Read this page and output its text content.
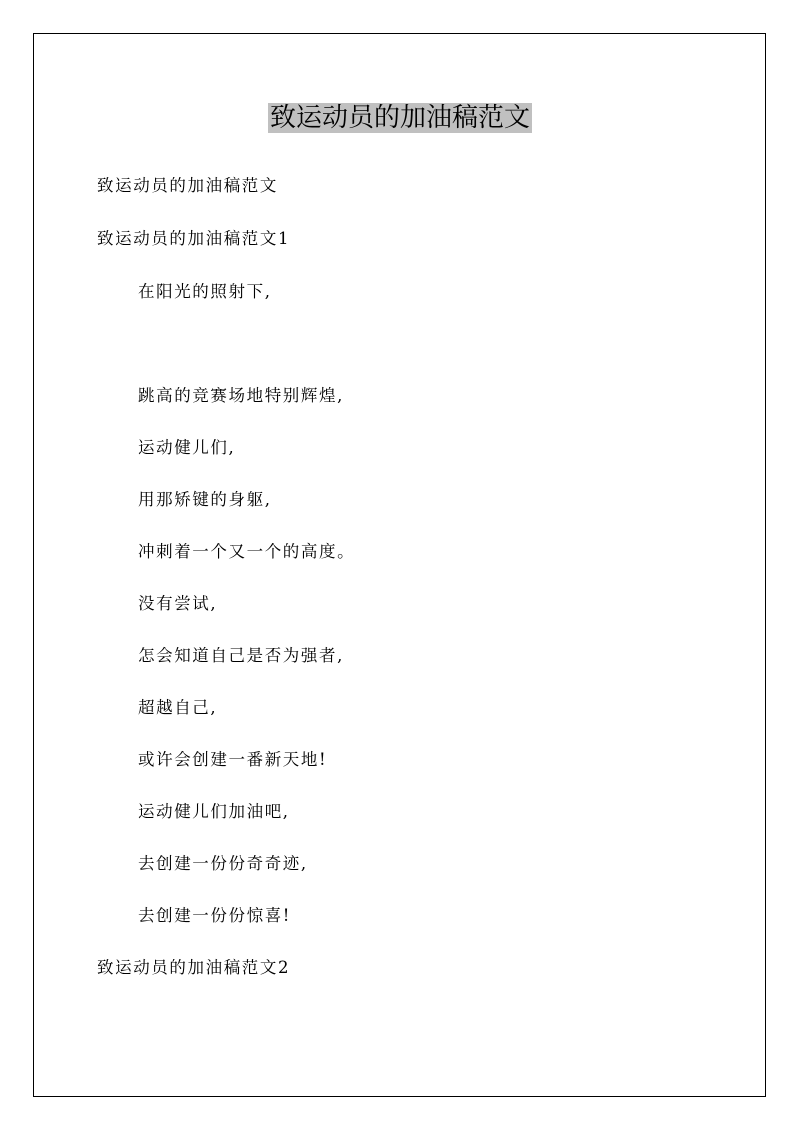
致运动员的加油稿范文
致运动员的加油稿范文
致运动员的加油稿范文1
在阳光的照射下,
跳高的竞赛场地特别辉煌,
运动健儿们,
用那矫键的身躯,
冲刺着一个又一个的高度。
没有尝试,
怎会知道自己是否为强者,
超越自己,
或许会创建一番新天地!
运动健儿们加油吧,
去创建一份份奇奇迹,
去创建一份份惊喜!
致运动员的加油稿范文2
